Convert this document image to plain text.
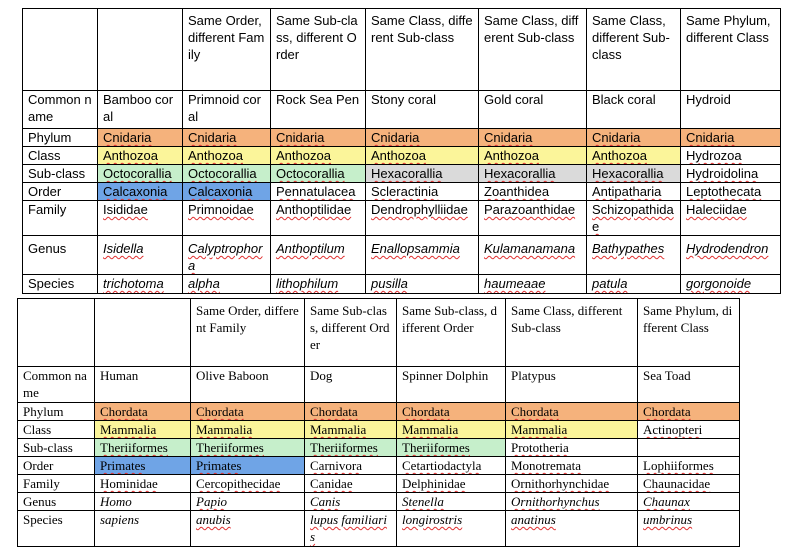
		Same Order, different Family	Same Sub-class, different Order	Same Class, different Sub-class	Same Class, different Sub-class	Same Class, different Sub-class	Same Phylum, different Class
Common name	Bamboo coral	Primnoid coral	Rock Sea Pen	Stony coral	Gold coral	Black coral	Hydroid
Phylum	Cnidaria	Cnidaria	Cnidaria	Cnidaria	Cnidaria	Cnidaria	Cnidaria
Class	Anthozoa	Anthozoa	Anthozoa	Anthozoa	Anthozoa	Anthozoa	Hydrozoa
Sub-class	Octocorallia	Octocorallia	Octocorallia	Hexacorallia	Hexacorallia	Hexacorallia	Hydroidolina
Order	Calcaxonia	Calcaxonia	Pennatulacea	Scleractinia	Zoanthidea	Antipatharia	Leptothecata
Family	Isididae	Primnoidae	Anthoptilidae	Dendrophylliidae	Parazoanthidae	Schizopathidae	Haleciidae
Genus	Isidella	Calyptrophora	Anthoptilum	Enallopsammia	Kulamanamana	Bathypathes	Hydrodendron
Species	trichotoma	alpha	lithophilum	pusilla	haumeaae	patula	gorgonoide
		Same Order, different Family	Same Sub-class, different Order	Same Sub-class, different Order	Same Class, different Sub-class	Same Phylum, different Class
Common name	Human	Olive Baboon	Dog	Spinner Dolphin	Platypus	Sea Toad
Phylum	Chordata	Chordata	Chordata	Chordata	Chordata	Chordata
Class	Mammalia	Mammalia	Mammalia	Mammalia	Mammalia	Actinopteri
Sub-class	Theriiformes	Theriiformes	Theriiformes	Theriiformes	Prototheria	
Order	Primates	Primates	Carnivora	Cetartiodactyla	Monotremata	Lophiiformes
Family	Hominidae	Cercopithecidae	Canidae	Delphinidae	Ornithorhynchidae	Chaunacidae
Genus	Homo	Papio	Canis	Stenella	Ornithorhynchus	Chaunax
Species	sapiens	anubis	lupus familiaris	longirostris	anatinus	umbrinus
